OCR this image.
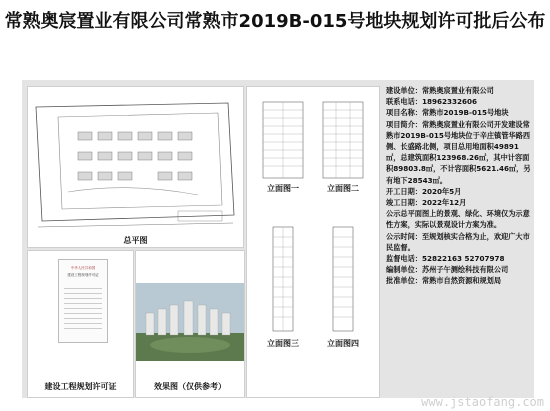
常熟奥宸置业有限公司常熟市2019B-015号地块规划许可批后公布
总平图
立面图一	立面图二
立面图三	立面图四
中华人民共和国
建设工程规划许可证
建设工程规划许可证	效果图（仅供参考）
建设单位：常熟奥宸置业有限公司
联系电话：18962332606
项目名称：常熟市2019B-015号地块
项目简介：常熟奥宸置业有限公司开发建设常熟市2019B-015号地块位于辛庄镇管华路西侧、长盛路北侧，项目总用地面积49891㎡，总建筑面积123968.26㎡，其中计容面积89803.8㎡，不计容面积5621.46㎡，另有地下28543㎡。
开工日期：2020年5月
竣工日期：2022年12月
公示总平面图上的景观、绿化、环境仅为示意性方案，实际以景观设计方案为准。
公示时间：至规划核实合格为止，欢迎广大市民监督。
监督电话：52822163 52707978
编制单位：苏州子午测绘科技有限公司
批准单位：常熟市自然资源和规划局
www.jstaofang.com
